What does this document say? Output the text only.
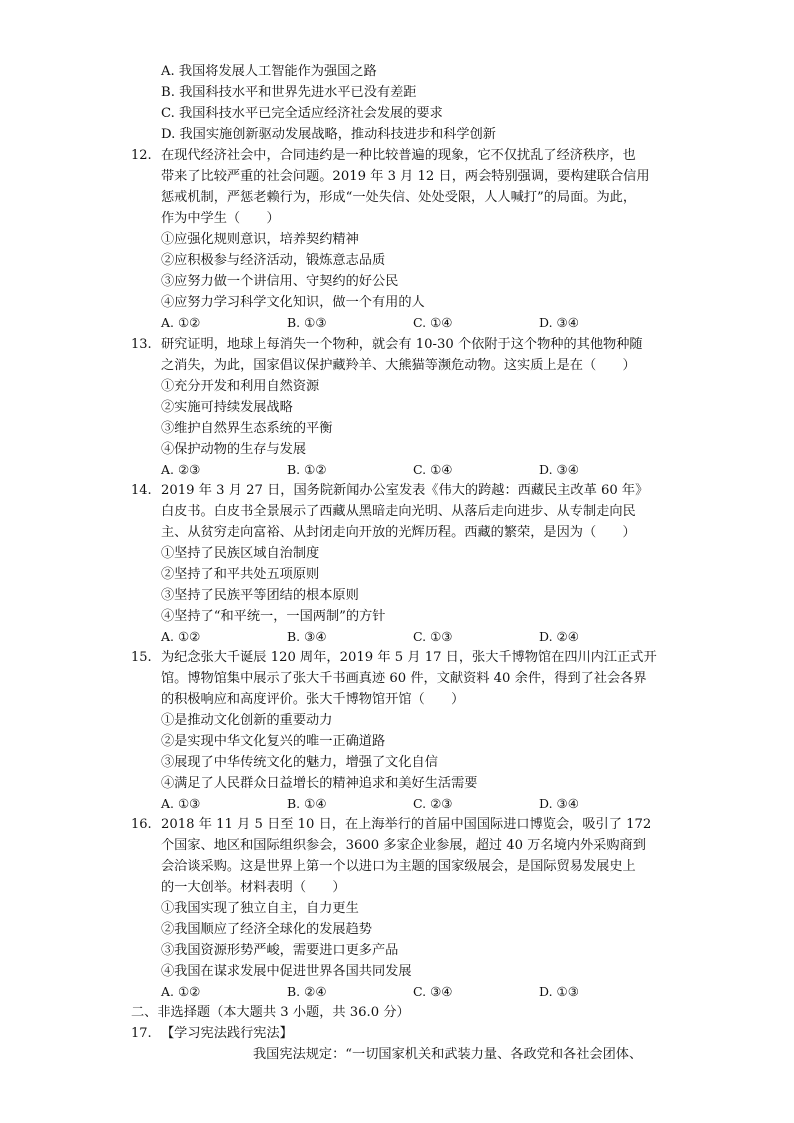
A. 我国将发展人工智能作为强国之路
B. 我国科技水平和世界先进水平已没有差距
C. 我国科技水平已完全适应经济社会发展的要求
D. 我国实施创新驱动发展战略，推动科技进步和科学创新
12. 在现代经济社会中，合同违约是一种比较普遍的现象，它不仅扰乱了经济秩序，也
带来了比较严重的社会问题。2019 年 3 月 12 日，两会特别强调，要构建联合信用
惩戒机制，严惩老赖行为，形成“一处失信、处处受限，人人喊打”的局面。为此，
作为中学生（　　）
①应强化规则意识，培养契约精神
②应积极参与经济活动，锻炼意志品质
③应努力做一个讲信用、守契约的好公民
④应努力学习科学文化知识，做一个有用的人
A. ①②	B. ①③	C. ①④	D. ③④
13. 研究证明，地球上每消失一个物种，就会有 10-30 个依附于这个物种的其他物种随
之消失，为此，国家倡议保护藏羚羊、大熊猫等濒危动物。这实质上是在（　　）
①充分开发和利用自然资源
②实施可持续发展战略
③维护自然界生态系统的平衡
④保护动物的生存与发展
A. ②③	B. ①②	C. ①④	D. ③④
14. 2019 年 3 月 27 日，国务院新闻办公室发表《伟大的跨越：西藏民主改革 60 年》
白皮书。白皮书全景展示了西藏从黑暗走向光明、从落后走向进步、从专制走向民
主、从贫穷走向富裕、从封闭走向开放的光辉历程。西藏的繁荣，是因为（　　）
①坚持了民族区域自治制度
②坚持了和平共处五项原则
③坚持了民族平等团结的根本原则
④坚持了“和平统一，一国两制”的方针
A. ①②	B. ③④	C. ①③	D. ②④
15. 为纪念张大千诞辰 120 周年，2019 年 5 月 17 日，张大千博物馆在四川内江正式开
馆。博物馆集中展示了张大千书画真迹 60 件，文献资料 40 余件，得到了社会各界
的积极响应和高度评价。张大千博物馆开馆（　　）
①是推动文化创新的重要动力
②是实现中华文化复兴的唯一正确道路
③展现了中华传统文化的魅力，增强了文化自信
④满足了人民群众日益增长的精神追求和美好生活需要
A. ①③	B. ①④	C. ②③	D. ③④
16. 2018 年 11 月 5 日至 10 日，在上海举行的首届中国国际进口博览会，吸引了 172
个国家、地区和国际组织参会，3600 多家企业参展，超过 40 万名境内外采购商到
会洽谈采购。这是世界上第一个以进口为主题的国家级展会，是国际贸易发展史上
的一大创举。材料表明（　　）
①我国实现了独立自主，自力更生
②我国顺应了经济全球化的发展趋势
③我国资源形势严峻，需要进口更多产品
④我国在谋求发展中促进世界各国共同发展
A. ①②	B. ②④	C. ③④	D. ①③
二、非选择题（本大题共 3 小题，共 36.0 分）
17. 【学习宪法践行宪法】
我国宪法规定：“一切国家机关和武装力量、各政党和各社会团体、
